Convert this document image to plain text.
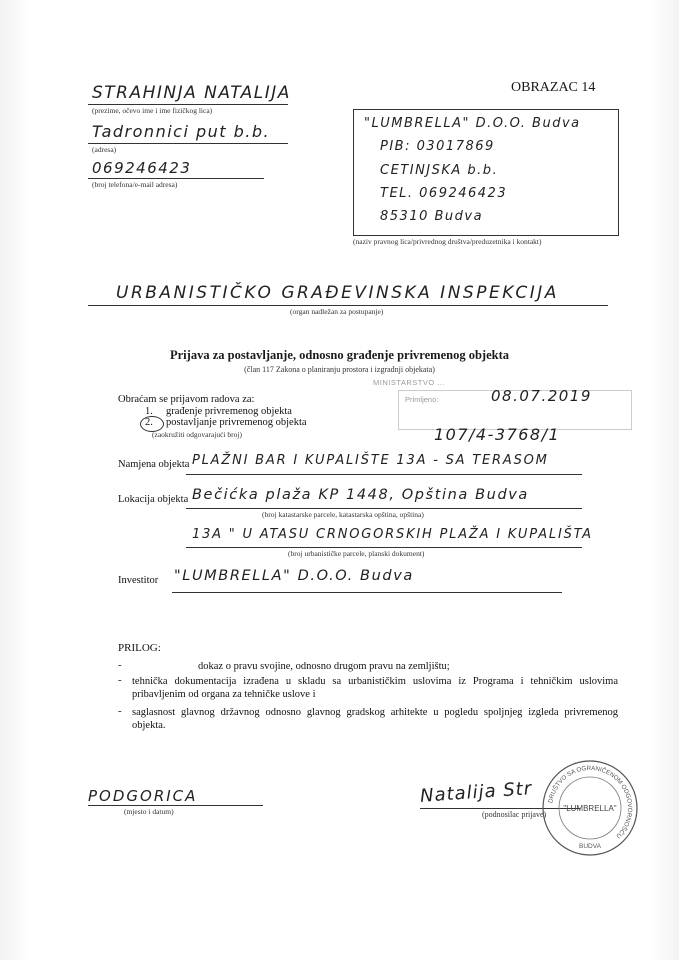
OBRAZAC 14
STRAHINJA NATALIJA
(prezime, očevo ime i ime fizičkog lica)
Tadronnici put b.b.
(adresa)
069246423
(broj telefona/e-mail adresa)
"LUMBRELLA" D.O.O. Budva
PIB: 03017869
CETINJSKA b.b.
TEL. 069246423
85310 Budva
(naziv pravnog lica/privrednog društva/preduzetnika i kontakt)
URBANISTIČKO GRAĐEVINSKA INSPEKCIJA
(organ nadležan za postupanje)
Prijava za postavljanje, odnosno građenje privremenog objekta
(član 117 Zakona o planiranju prostora i izgradnji objekata)
MINISTARSTVO ...
Primljeno:	08.07.2019
107/4-3768/1
Obraćam se prijavom radova za:
1. građenje privremenog objekta
2. postavljanje privremenog objekta
(zaokružiti odgovarajući broj)
Namjena objekta PLAŽNI BAR I KUPALIŠTE 13A - SA TERASOM
Lokacija objekta Bečićka plaža KP 1448, Opština Budva
(broj katastarske parcele, katastarska opština, opština)
13A " U ATASU CRNOGORSKIH PLAŽA I KUPALIŠTA
(broj urbanističke parcele, planski dokument)
Investitor "LUMBRELLA" D.O.O. Budva
PRILOG:
-	dokaz o pravu svojine, odnosno drugom pravu na zemljištu;
- tehnička dokumentacija izrađena u skladu sa urbanističkim uslovima iz Programa i tehničkim uslovima pribavljenim od organa za tehničke uslove i
- saglasnost glavnog državnog odnosno glavnog gradskog arhitekte u pogledu spoljnjeg izgleda privremenog objekta.
PODGORICA
(mjesto i datum)
Natalija Str
(podnosilac prijave)
DRUŠTVO SA OGRANIČENOM ODGOVORNOŠĆU
"LUMBRELLA"
BUDVA
